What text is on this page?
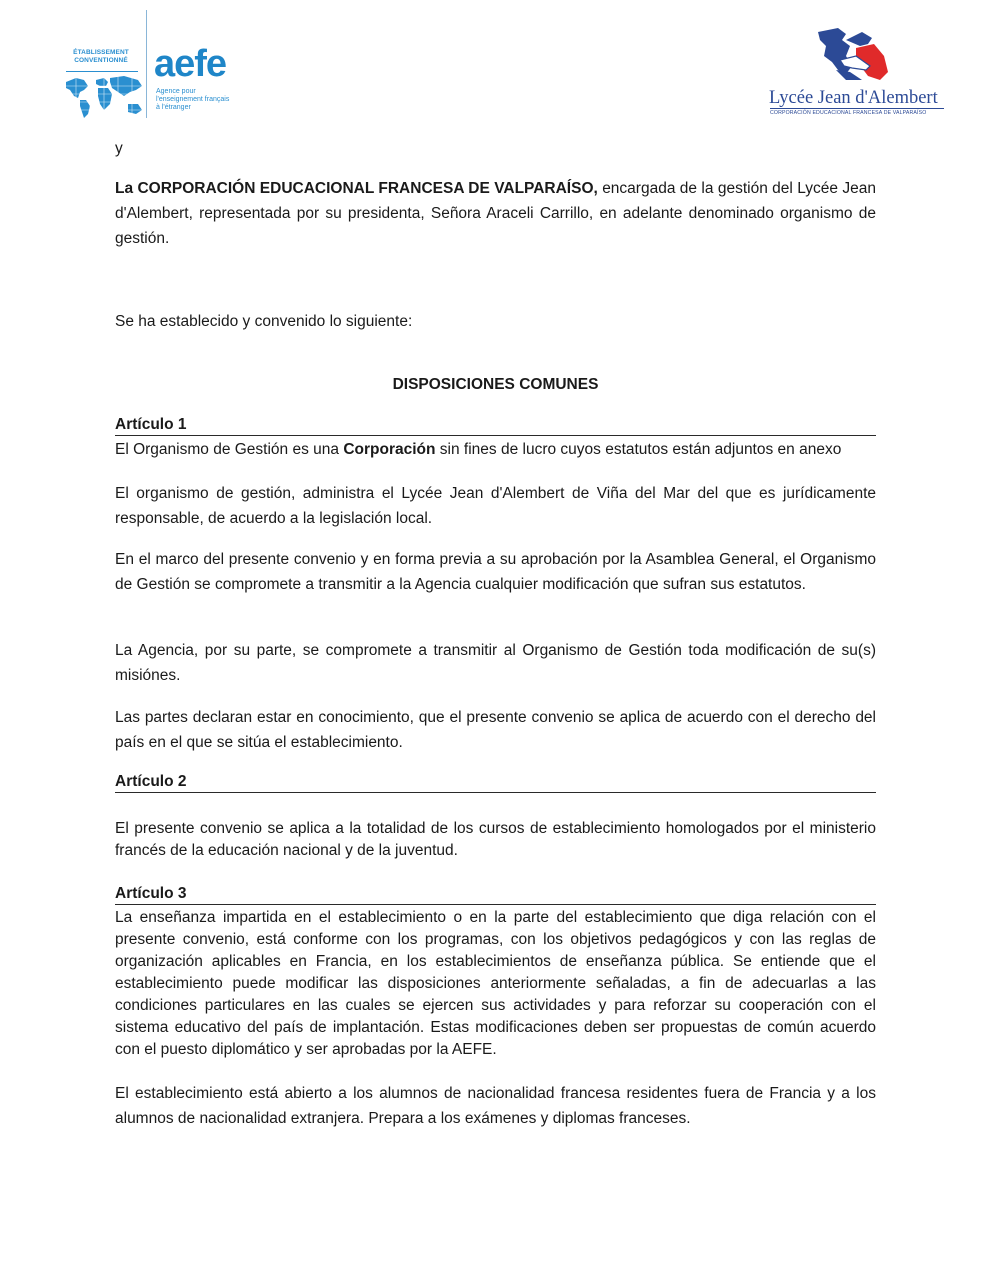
ÉTABLISSEMENT
CONVENTIONNÉ aefe
Agence pour
l'enseignement français
à l'étranger	Lycée Jean d'Alembert
CORPORACIÓN EDUCACIONAL FRANCESA DE VALPARAÍSO
y
La CORPORACIÓN EDUCACIONAL FRANCESA DE VALPARAÍSO, encargada de la gestión del Lycée Jean d'Alembert, representada por su presidenta, Señora Araceli Carrillo, en adelante denominado organismo de gestión.
Se ha establecido y convenido lo siguiente:
DISPOSICIONES COMUNES
Artículo 1
El Organismo de Gestión es una Corporación sin fines de lucro cuyos estatutos están adjuntos en anexo
El organismo de gestión, administra el Lycée Jean d'Alembert de Viña del Mar del que es jurídicamente responsable, de acuerdo a la legislación local.
En el marco del presente convenio y en forma previa a su aprobación por la Asamblea General, el Organismo de Gestión se compromete a transmitir a la Agencia cualquier modificación que sufran sus estatutos.
La Agencia, por su parte, se compromete a transmitir al Organismo de Gestión toda modificación de su(s) misiónes.
Las partes declaran estar en conocimiento, que el presente convenio se aplica de acuerdo con el derecho del país en el que se sitúa el establecimiento.
Artículo 2
El presente convenio se aplica a la totalidad de los cursos de establecimiento homologados por el ministerio francés de la educación nacional y de la juventud.
Artículo 3
La enseñanza impartida en el establecimiento o en la parte del establecimiento que diga relación con el presente convenio, está conforme con los programas, con los objetivos pedagógicos y con las reglas de organización aplicables en Francia, en los establecimientos de enseñanza pública. Se entiende que el establecimiento puede modificar las disposiciones anteriormente señaladas, a fin de adecuarlas a las condiciones particulares en las cuales se ejercen sus actividades y para reforzar su cooperación con el sistema educativo del país de implantación. Estas modificaciones deben ser propuestas de común acuerdo con el puesto diplomático y ser aprobadas por la AEFE.
El establecimiento está abierto a los alumnos de nacionalidad francesa residentes fuera de Francia y a los alumnos de nacionalidad extranjera. Prepara a los exámenes y diplomas franceses.
